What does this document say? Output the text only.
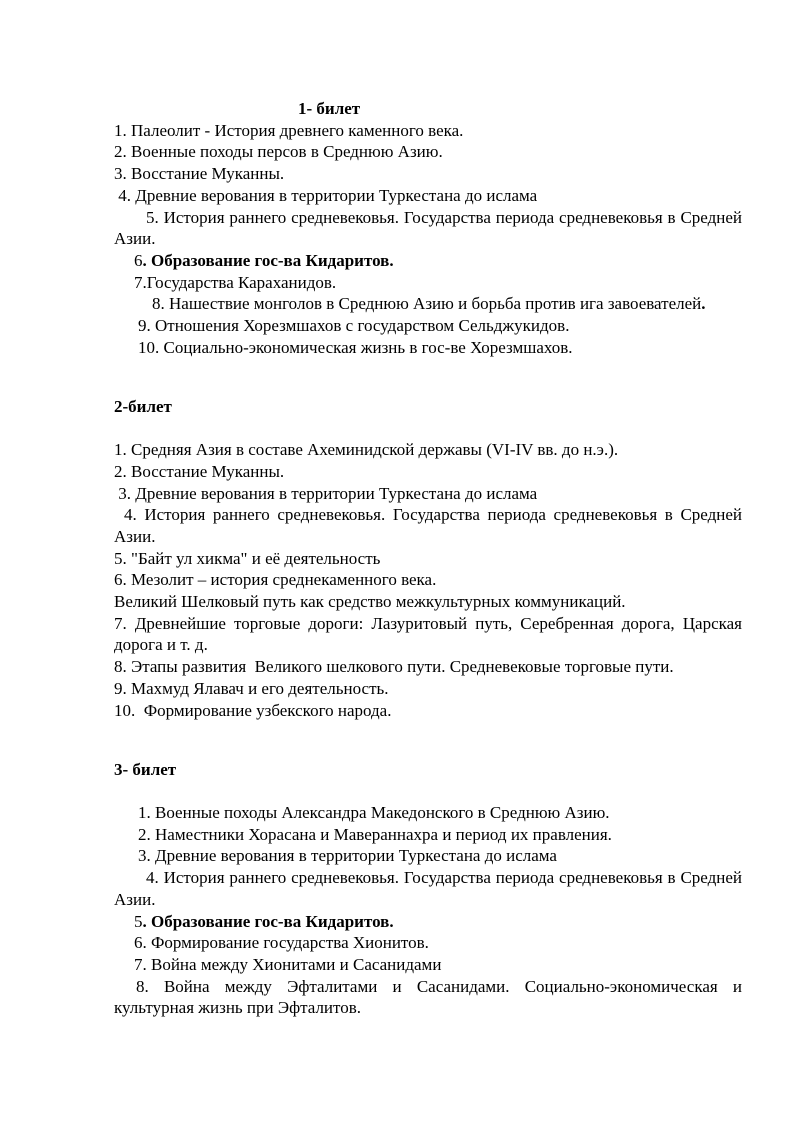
1- билет
1. Палеолит - История древнего каменного века.
2. Военные походы персов в Среднюю Азию.
3. Восстание Муканны.
4. Древние верования в территории Туркестана до ислама
5. История раннего средневековья. Государства периода средневековья в Средней Азии.
6. Образование гос-ва Кидаритов.
7.Государства Караханидов.
8. Нашествие монголов в Среднюю Азию и борьба против ига завоевателей.
9. Отношения Хорезмшахов с государством Сельджукидов.
10. Социально-экономическая жизнь в гос-ве Хорезмшахов.
2-билет
1. Средняя Азия в составе Ахеминидской державы (VI-IV вв. до н.э.).
2. Восстание Муканны.
3. Древние верования в территории Туркестана до ислама
4. История раннего средневековья. Государства периода средневековья в Средней Азии.
5. "Байт ул хикма" и её деятельность
6. Мезолит – история среднекаменного века.
Великий Шелковый путь как средство межкультурных коммуникаций.
7. Древнейшие торговые дороги: Лазуритовый путь, Серебренная дорога, Царская дорога и т. д.
8. Этапы развития  Великого шелкового пути. Средневековые торговые пути.
9. Махмуд Ялавач и его деятельность.
10.  Формирование узбекского народа.
3- билет
1. Военные походы Александра Македонского в Среднюю Азию.
2. Наместники Хорасана и Мавераннахра и период их правления.
3. Древние верования в территории Туркестана до ислама
4. История раннего средневековья. Государства периода средневековья в Средней Азии.
5. Образование гос-ва Кидаритов.
6. Формирование государства Хионитов.
7. Война между Хионитами и Сасанидами
8. Война между Эфталитами и Сасанидами. Социально-экономическая и культурная жизнь при Эфталитов.
